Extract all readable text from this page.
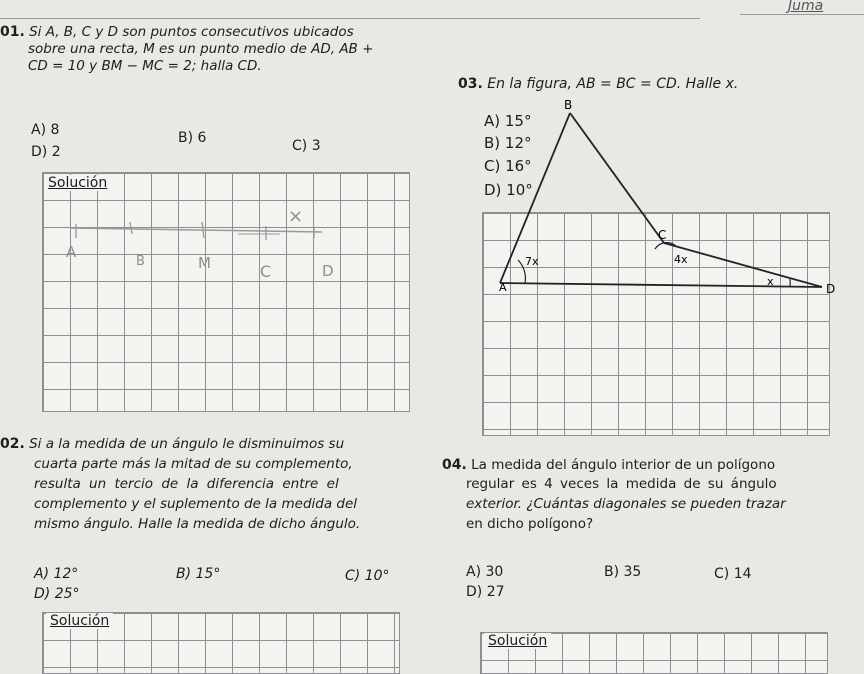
Juma
01. Si A, B, C y D son puntos consecutivos ubicados
sobre una recta, M es un punto medio de AD, AB +
CD = 10 y BM − MC = 2; halla CD.
A) 8	B) 6	C) 3
D) 2
Solución
×
A
B	M	C	D
03. En la figura, AB = BC = CD. Halle x.
B
C
A	D
7x	4x
x
A) 15°
B) 12°
C) 16°
D) 10°
02. Si a la medida de un ángulo le disminuimos su
cuarta parte más la mitad de su complemento,
resulta un tercio de la diferencia entre el
complemento y el suplemento de la medida del
mismo ángulo. Halle la medida de dicho ángulo.
A) 12°	B) 15°	C) 10°
D) 25°
Solución
04. La medida del ángulo interior de un polígono
regular es 4 veces la medida de su ángulo
exterior. ¿Cuántas diagonales se pueden trazar
en dicho polígono?
A) 30	B) 35	C) 14
D) 27
Solución
